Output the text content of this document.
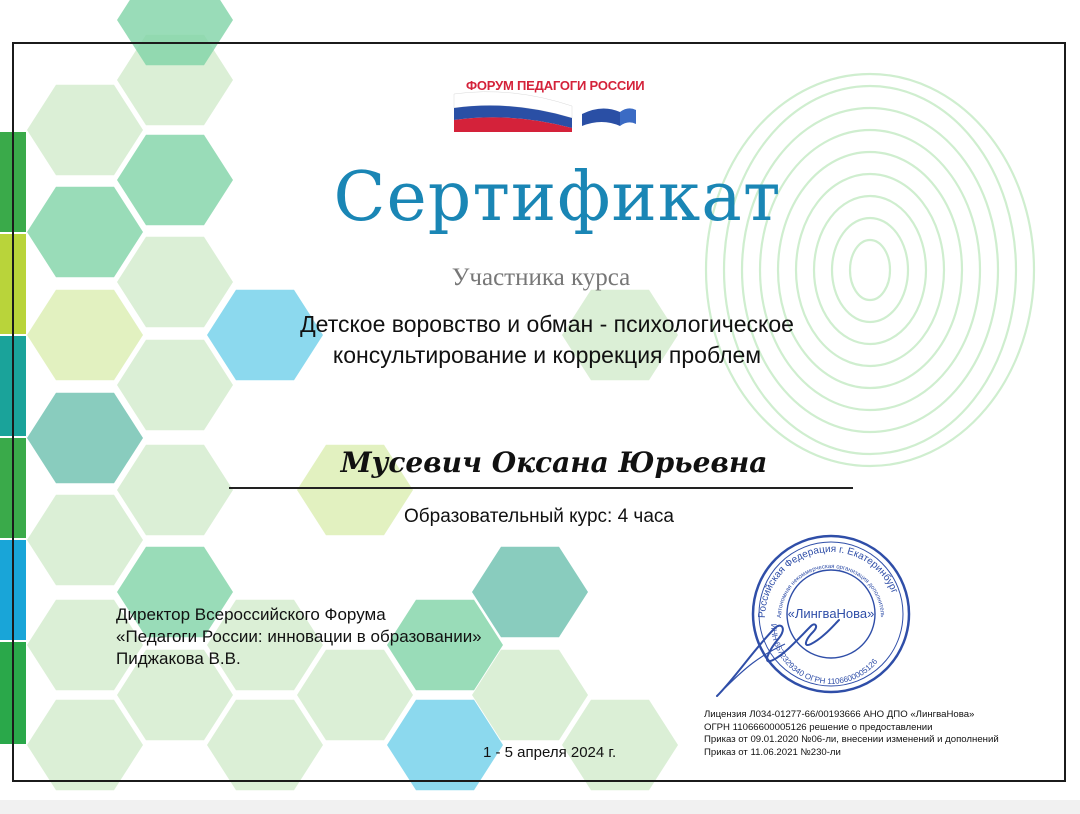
ФОРУМ ПЕДАГОГИ РОССИИ
Сертификат
Участника курса
Детское воровство и обман - психологическое
консультирование и коррекция проблем
Мусевич Оксана Юрьевна
Образовательный курс: 4 часа
Директор Всероссийского Форума
«Педагоги России: инновации в образовании»
Пиджакова В.В.
1 - 5 апреля 2024 г.
Российская Федерация г. Екатеринбург
Автономная некоммерческая организация дополнитель
ИНН 6672329340 ОГРН 1106600005126
«ЛингваНова»
Лицензия Л034-01277-66/00193666 АНО ДПО «ЛингваНова»
ОГРН 11066600005126 решение о предоставлении
Приказ от 09.01.2020 №06-ли, внесении изменений и дополнений
Приказ от 11.06.2021 №230-ли
